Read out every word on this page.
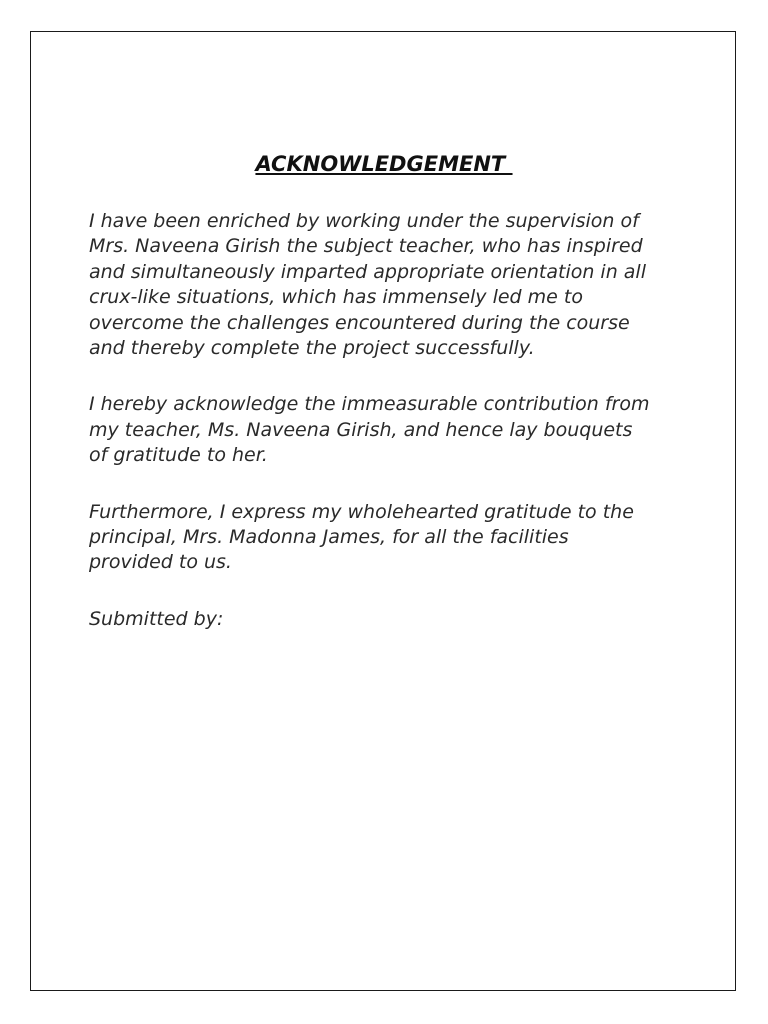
ACKNOWLEDGEMENT

I have been enriched by working under the supervision of
Mrs. Naveena Girish the subject teacher, who has inspired
and simultaneously imparted appropriate orientation in all
crux-like situations, which has immensely led me to
overcome the challenges encountered during the course
and thereby complete the project successfully.

I hereby acknowledge the immeasurable contribution from
my teacher, Ms. Naveena Girish, and hence lay bouquets
of gratitude to her.

Furthermore, I express my wholehearted gratitude to the
principal, Mrs. Madonna James, for all the facilities
provided to us.

Submitted by:
